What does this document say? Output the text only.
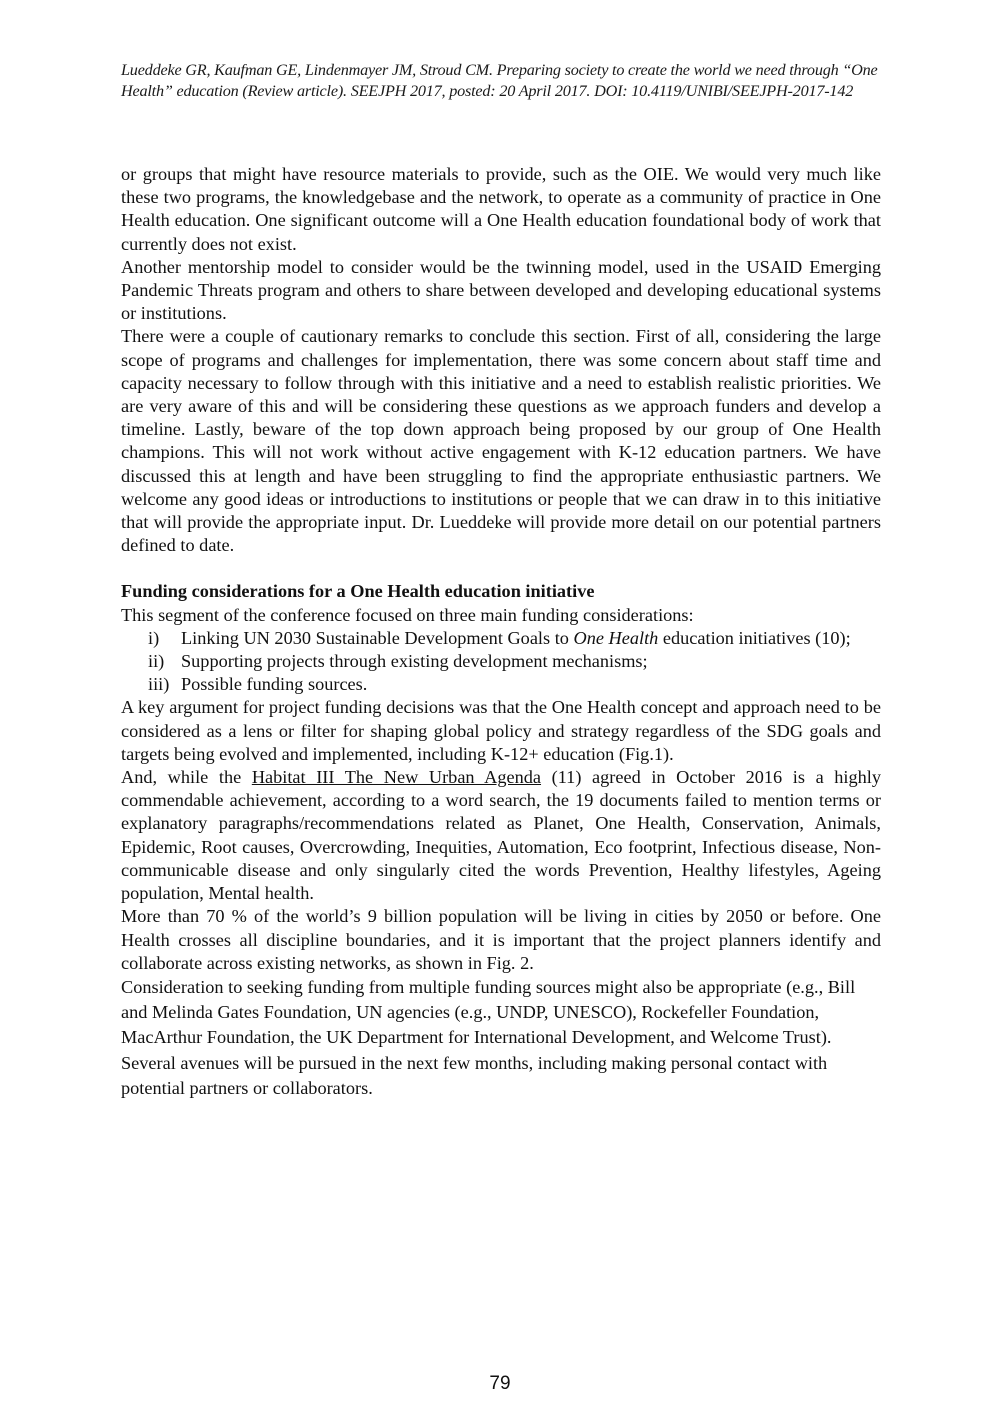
Lueddeke GR, Kaufman GE, Lindenmayer JM, Stroud CM. Preparing society to create the world we need through “One Health” education (Review article). SEEJPH 2017, posted: 20 April 2017. DOI: 10.4119/UNIBI/SEEJPH-2017-142

or groups that might have resource materials to provide, such as the OIE. We would very much like these two programs, the knowledgebase and the network, to operate as a community of practice in One Health education. One significant outcome will a One Health education foundational body of work that currently does not exist.

Another mentorship model to consider would be the twinning model, used in the USAID Emerging Pandemic Threats program and others to share between developed and developing educational systems or institutions.

There were a couple of cautionary remarks to conclude this section. First of all, considering the large scope of programs and challenges for implementation, there was some concern about staff time and capacity necessary to follow through with this initiative and a need to establish realistic priorities. We are very aware of this and will be considering these questions as we approach funders and develop a timeline. Lastly, beware of the top down approach being proposed by our group of One Health champions. This will not work without active engagement with K-12 education partners. We have discussed this at length and have been struggling to find the appropriate enthusiastic partners. We welcome any good ideas or introductions to institutions or people that we can draw in to this initiative that will provide the appropriate input. Dr. Lueddeke will provide more detail on our potential partners defined to date.

Funding considerations for a One Health education initiative

This segment of the conference focused on three main funding considerations:

i)	Linking UN 2030 Sustainable Development Goals to One Health education initiatives (10);
ii) Supporting projects through existing development mechanisms;
iii) Possible funding sources.

A key argument for project funding decisions was that the One Health concept and approach need to be considered as a lens or filter for shaping global policy and strategy regardless of the SDG goals and targets being evolved and implemented, including K-12+ education (Fig.1).

And, while the Habitat III The New Urban Agenda (11) agreed in October 2016 is a highly commendable achievement, according to a word search, the 19 documents failed to mention terms or explanatory paragraphs/recommendations related as Planet, One Health, Conservation, Animals, Epidemic, Root causes, Overcrowding, Inequities, Automation, Eco footprint, Infectious disease, Non-communicable disease and only singularly cited the words Prevention, Healthy lifestyles, Ageing population, Mental health.

More than 70 % of the world’s 9 billion population will be living in cities by 2050 or before. One Health crosses all discipline boundaries, and it is important that the project planners identify and collaborate across existing networks, as shown in Fig. 2.

Consideration to seeking funding from multiple funding sources might also be appropriate (e.g., Bill and Melinda Gates Foundation, UN agencies (e.g., UNDP, UNESCO), Rockefeller Foundation, MacArthur Foundation, the UK Department for International Development, and Welcome Trust). Several avenues will be pursued in the next few months, including making personal contact with potential partners or collaborators.

79
